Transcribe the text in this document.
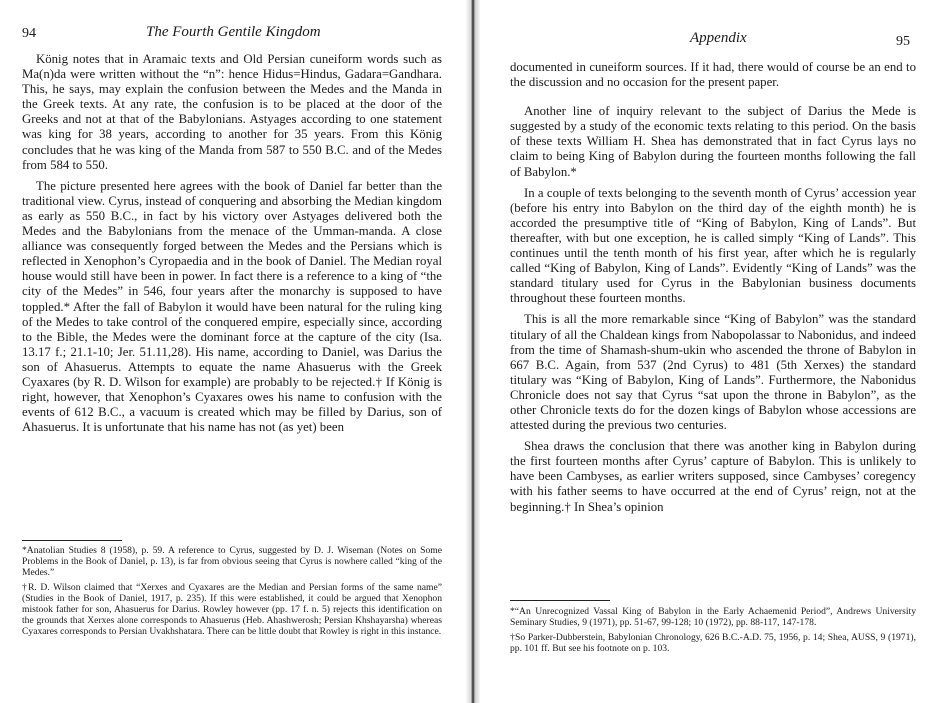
94	The Fourth Gentile Kingdom

König notes that in Aramaic texts and Old Persian cuneiform words such as Ma(n)da were written without the “n”: hence Hidus=Hindus, Gadara=Gandhara. This, he says, may explain the confusion between the Medes and the Manda in the Greek texts. At any rate, the confusion is to be placed at the door of the Greeks and not at that of the Babylonians. Astyages according to one statement was king for 38 years, according to another for 35 years. From this König concludes that he was king of the Manda from 587 to 550 B.C. and of the Medes from 584 to 550.

The picture presented here agrees with the book of Daniel far better than the traditional view. Cyrus, instead of conquering and absorbing the Median kingdom as early as 550 B.C., in fact by his victory over Astyages delivered both the Medes and the Babylonians from the menace of the Umman-manda. A close alliance was consequently forged between the Medes and the Persians which is reflected in Xenophon’s Cyropaedia and in the book of Daniel. The Median royal house would still have been in power. In fact there is a reference to a king of “the city of the Medes” in 546, four years after the monarchy is supposed to have toppled.* After the fall of Babylon it would have been natural for the ruling king of the Medes to take control of the conquered empire, especially since, according to the Bible, the Medes were the dominant force at the capture of the city (Isa. 13.17 f.; 21.1-10; Jer. 51.11,28). His name, according to Daniel, was Darius the son of Ahasuerus. Attempts to equate the name Ahasuerus with the Greek Cyaxares (by R. D. Wilson for example) are probably to be rejected.† If König is right, however, that Xenophon’s Cyaxares owes his name to confusion with the events of 612 B.C., a vacuum is created which may be filled by Darius, son of Ahasuerus. It is unfortunate that his name has not (as yet) been

*Anatolian Studies 8 (1958), p. 59. A reference to Cyrus, suggested by D. J. Wiseman (Notes on Some Problems in the Book of Daniel, p. 13), is far from obvious seeing that Cyrus is nowhere called “king of the Medes.”

†R. D. Wilson claimed that “Xerxes and Cyaxares are the Median and Persian forms of the same name” (Studies in the Book of Daniel, 1917, p. 235). If this were established, it could be argued that Xenophon mistook father for son, Ahasuerus for Darius. Rowley however (pp. 17 f. n. 5) rejects this identification on the grounds that Xerxes alone corresponds to Ahasuerus (Heb. Ahashwerosh; Persian Khshayarsha) whereas Cyaxares corresponds to Persian Uvakhshatara. There can be little doubt that Rowley is right in this instance.

Appendix	95

documented in cuneiform sources. If it had, there would of course be an end to the discussion and no occasion for the present paper.

Another line of inquiry relevant to the subject of Darius the Mede is suggested by a study of the economic texts relating to this period. On the basis of these texts William H. Shea has demonstrated that in fact Cyrus lays no claim to being King of Babylon during the fourteen months following the fall of Babylon.*

In a couple of texts belonging to the seventh month of Cyrus’ accession year (before his entry into Babylon on the third day of the eighth month) he is accorded the presumptive title of “King of Babylon, King of Lands”. But thereafter, with but one exception, he is called simply “King of Lands”. This continues until the tenth month of his first year, after which he is regularly called “King of Babylon, King of Lands”. Evidently “King of Lands” was the standard titulary used for Cyrus in the Babylonian business documents throughout these fourteen months.

This is all the more remarkable since “King of Babylon” was the standard titulary of all the Chaldean kings from Nabopolassar to Nabonidus, and indeed from the time of Shamash-shum-ukin who ascended the throne of Babylon in 667 B.C. Again, from 537 (2nd Cyrus) to 481 (5th Xerxes) the standard titulary was “King of Babylon, King of Lands”. Furthermore, the Nabonidus Chronicle does not say that Cyrus “sat upon the throne in Babylon”, as the other Chronicle texts do for the dozen kings of Babylon whose accessions are attested during the previous two centuries.

Shea draws the conclusion that there was another king in Babylon during the first fourteen months after Cyrus’ capture of Babylon. This is unlikely to have been Cambyses, as earlier writers supposed, since Cambyses’ coregency with his father seems to have occurred at the end of Cyrus’ reign, not at the beginning.† In Shea’s opinion

*“An Unrecognized Vassal King of Babylon in the Early Achaemenid Period”, Andrews University Seminary Studies, 9 (1971), pp. 51-67, 99-128; 10 (1972), pp. 88-117, 147-178.

†So Parker-Dubberstein, Babylonian Chronology, 626 B.C.-A.D. 75, 1956, p. 14; Shea, AUSS, 9 (1971), pp. 101 ff. But see his footnote on p. 103.
